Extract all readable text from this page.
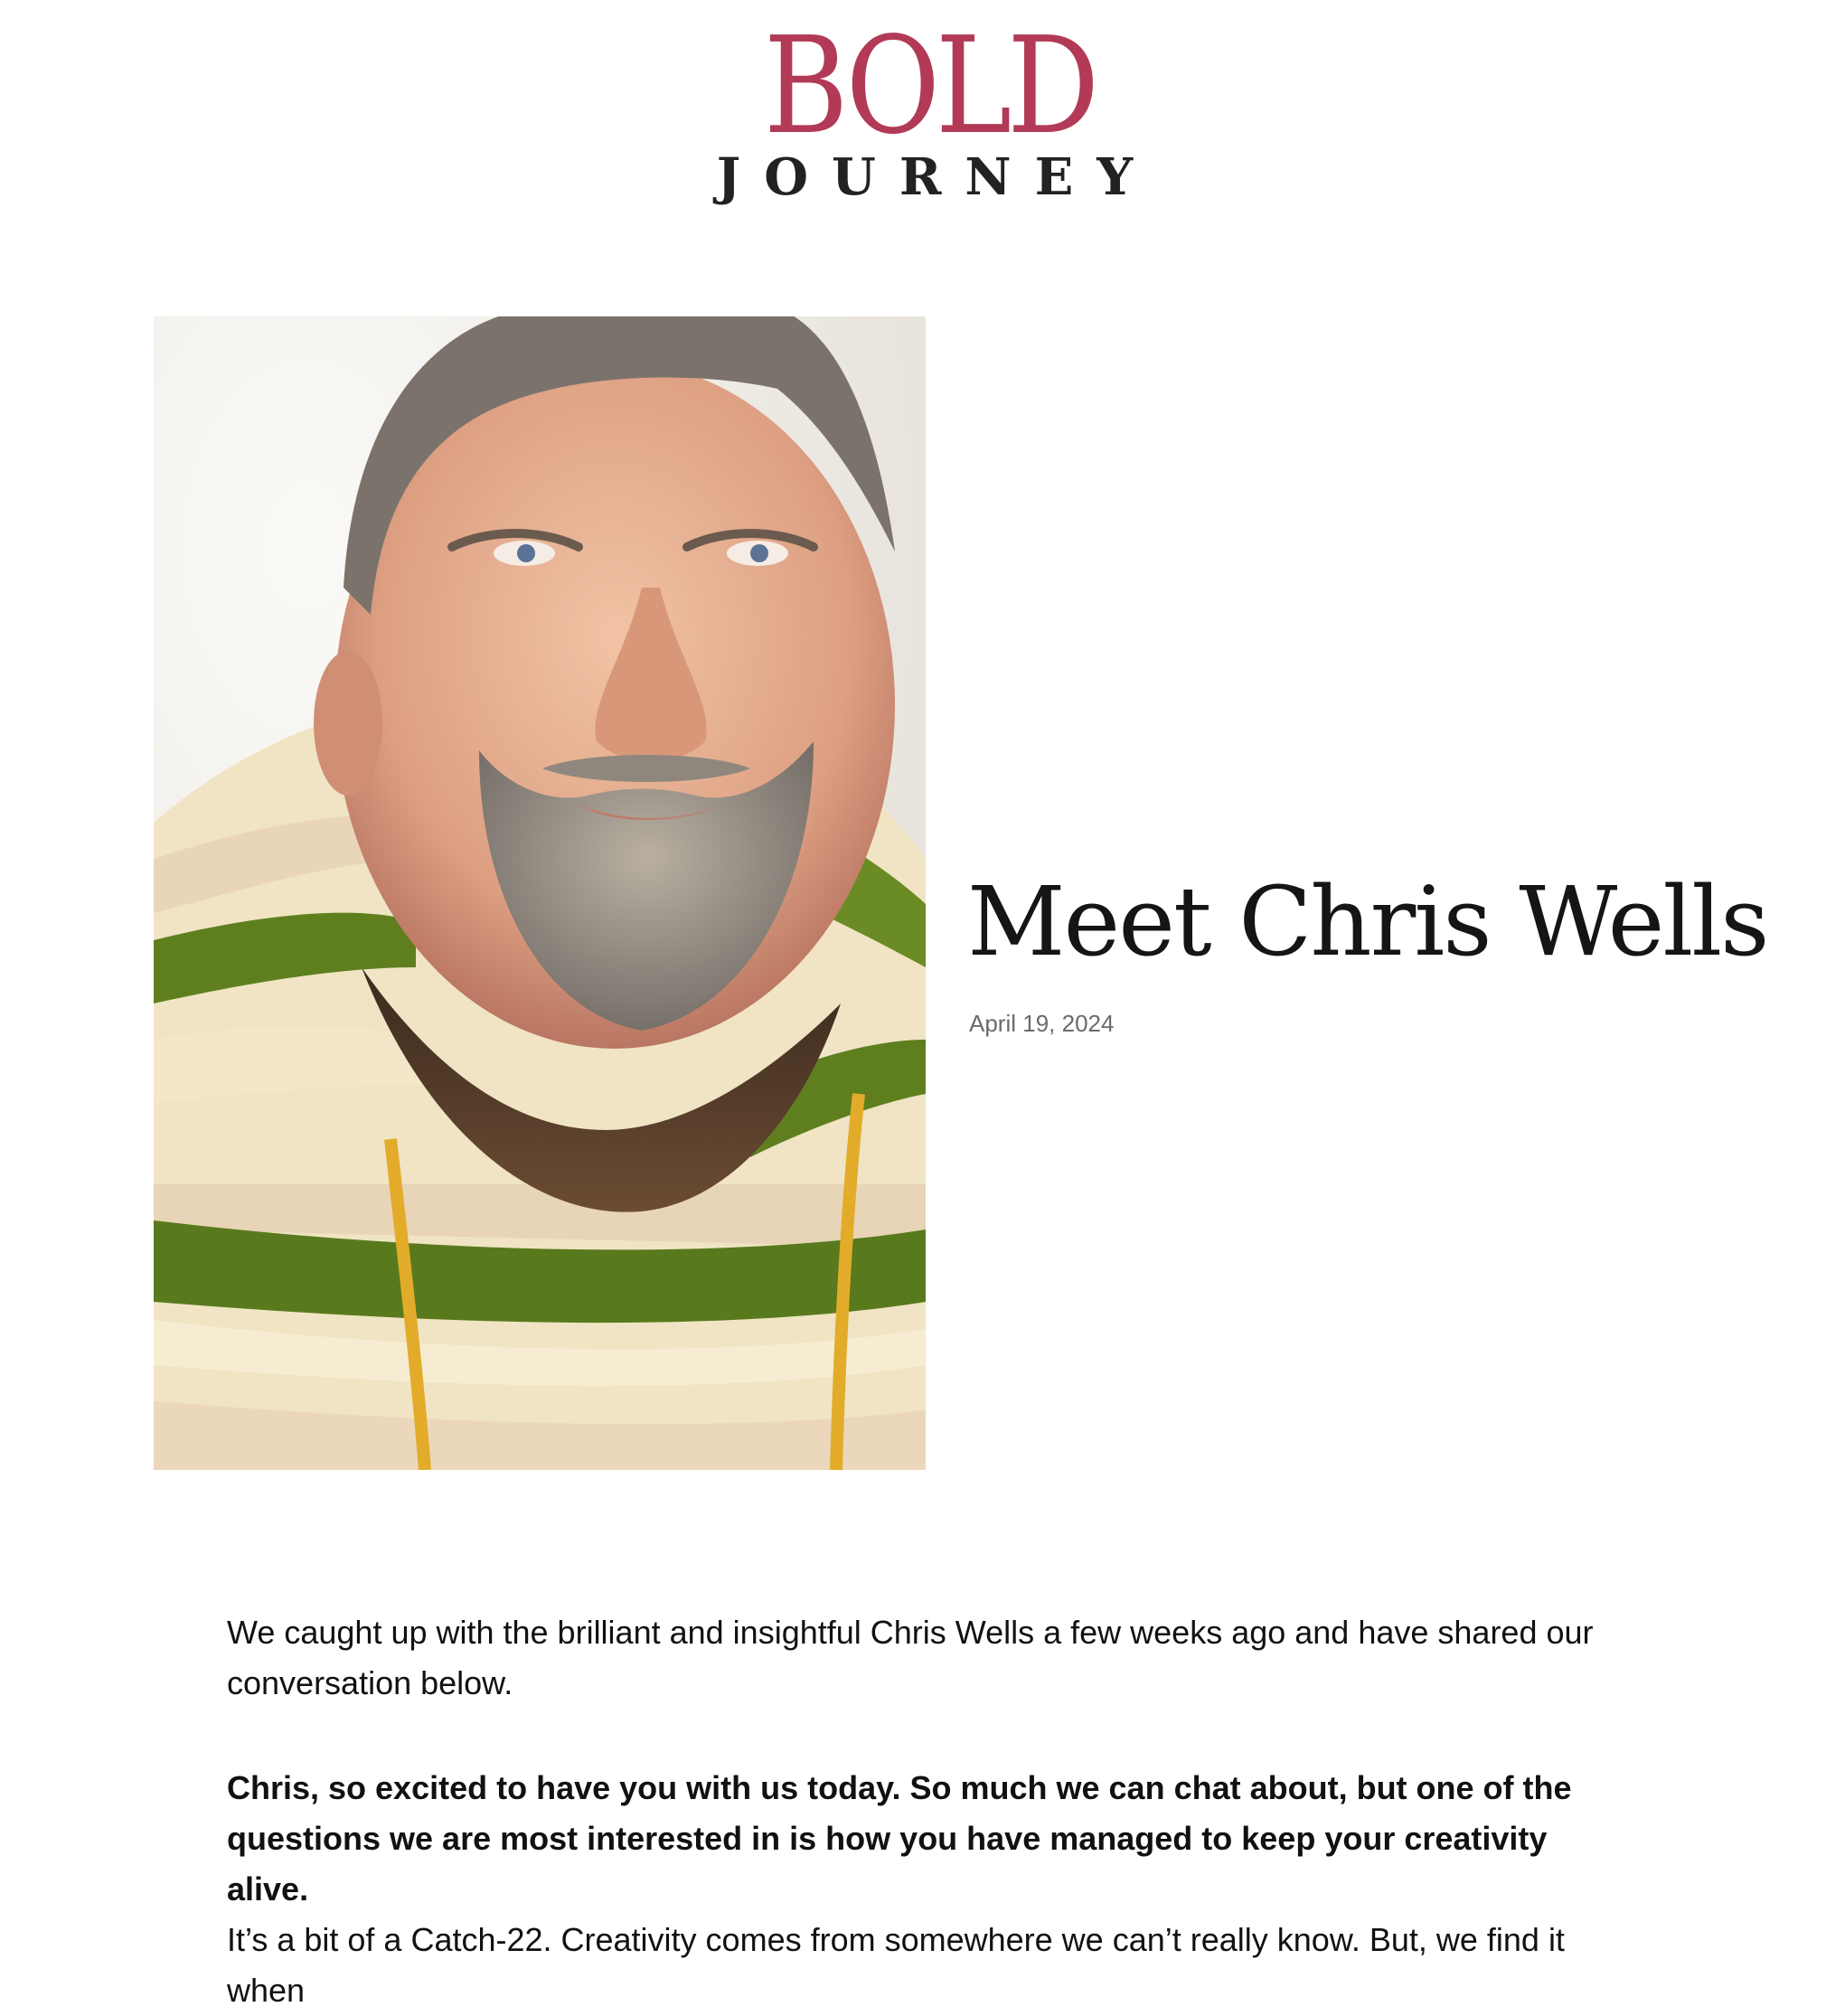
BOLD
JOURNEY
Meet Chris Wells
April 19, 2024

We caught up with the brilliant and insightful Chris Wells a few weeks ago and have shared our conversation below.

Chris, so excited to have you with us today. So much we can chat about, but one of the questions we are most interested in is how you have managed to keep your creativity alive.

It’s a bit of a Catch-22. Creativity comes from somewhere we can’t really know. But, we find it when
